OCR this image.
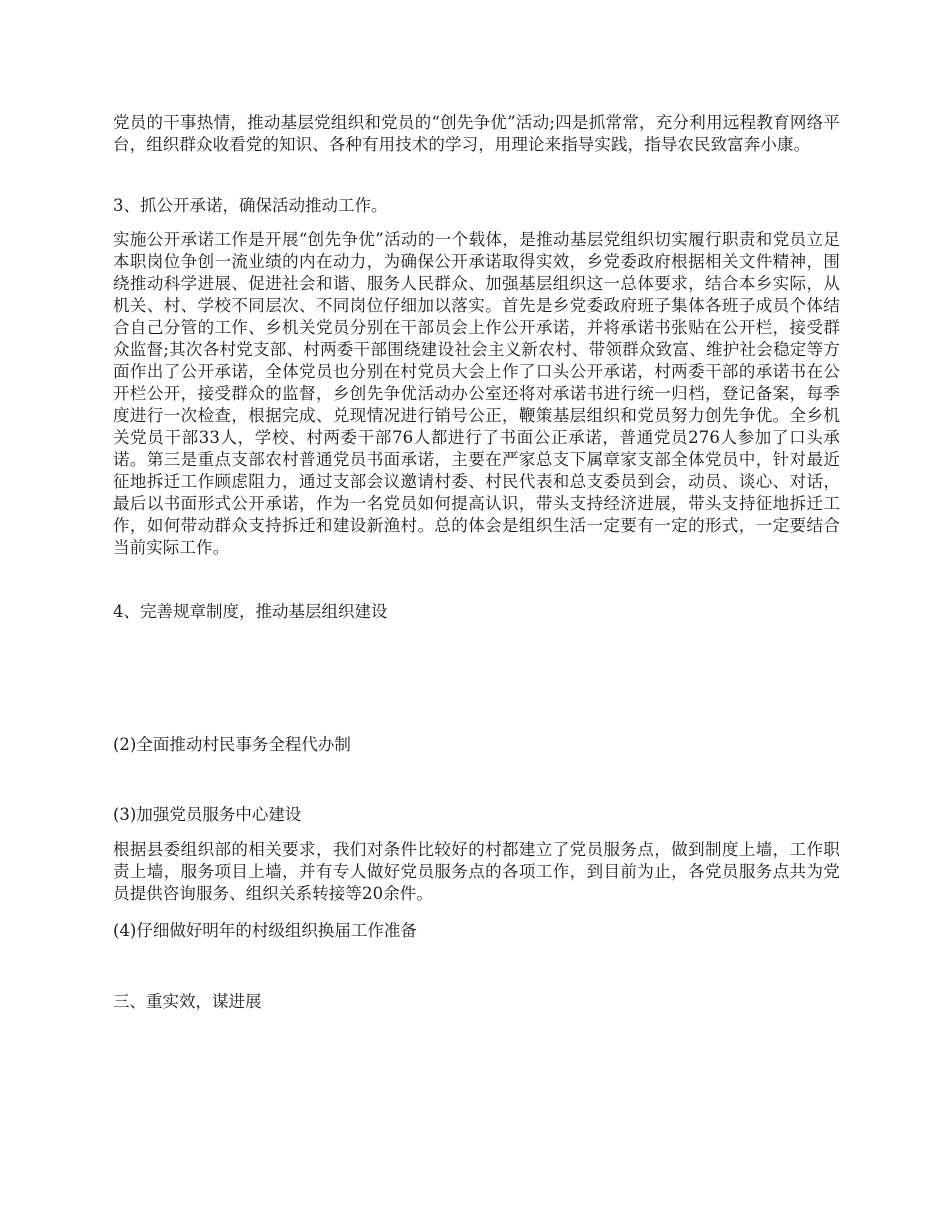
党员的干事热情，推动基层党组织和党员的“创先争优”活动;四是抓常常，充分利用远程教育网络平台，组织群众收看党的知识、各种有用技术的学习，用理论来指导实践，指导农民致富奔小康。

3、抓公开承诺，确保活动推动工作。

实施公开承诺工作是开展“创先争优”活动的一个载体，是推动基层党组织切实履行职责和党员立足本职岗位争创一流业绩的内在动力，为确保公开承诺取得实效，乡党委政府根据相关文件精神，围绕推动科学进展、促进社会和谐、服务人民群众、加强基层组织这一总体要求，结合本乡实际，从机关、村、学校不同层次、不同岗位仔细加以落实。首先是乡党委政府班子集体各班子成员个体结合自己分管的工作、乡机关党员分别在干部员会上作公开承诺，并将承诺书张贴在公开栏，接受群众监督;其次各村党支部、村两委干部围绕建设社会主义新农村、带领群众致富、维护社会稳定等方面作出了公开承诺，全体党员也分别在村党员大会上作了口头公开承诺，村两委干部的承诺书在公开栏公开，接受群众的监督，乡创先争优活动办公室还将对承诺书进行统一归档，登记备案，每季度进行一次检查，根据完成、兑现情况进行销号公正，鞭策基层组织和党员努力创先争优。全乡机关党员干部33人，学校、村两委干部76人都进行了书面公正承诺，普通党员276人参加了口头承诺。第三是重点支部农村普通党员书面承诺，主要在严家总支下属章家支部全体党员中，针对最近征地拆迁工作顾虑阻力，通过支部会议邀请村委、村民代表和总支委员到会，动员、谈心、对话，最后以书面形式公开承诺，作为一名党员如何提高认识，带头支持经济进展，带头支持征地拆迁工作，如何带动群众支持拆迁和建设新渔村。总的体会是组织生活一定要有一定的形式，一定要结合当前实际工作。

4、完善规章制度，推动基层组织建设

(2)全面推动村民事务全程代办制

(3)加强党员服务中心建设

根据县委组织部的相关要求，我们对条件比较好的村都建立了党员服务点，做到制度上墙，工作职责上墙，服务项目上墙，并有专人做好党员服务点的各项工作，到目前为止，各党员服务点共为党员提供咨询服务、组织关系转接等20余件。

(4)仔细做好明年的村级组织换届工作准备

三、重实效，谋进展
